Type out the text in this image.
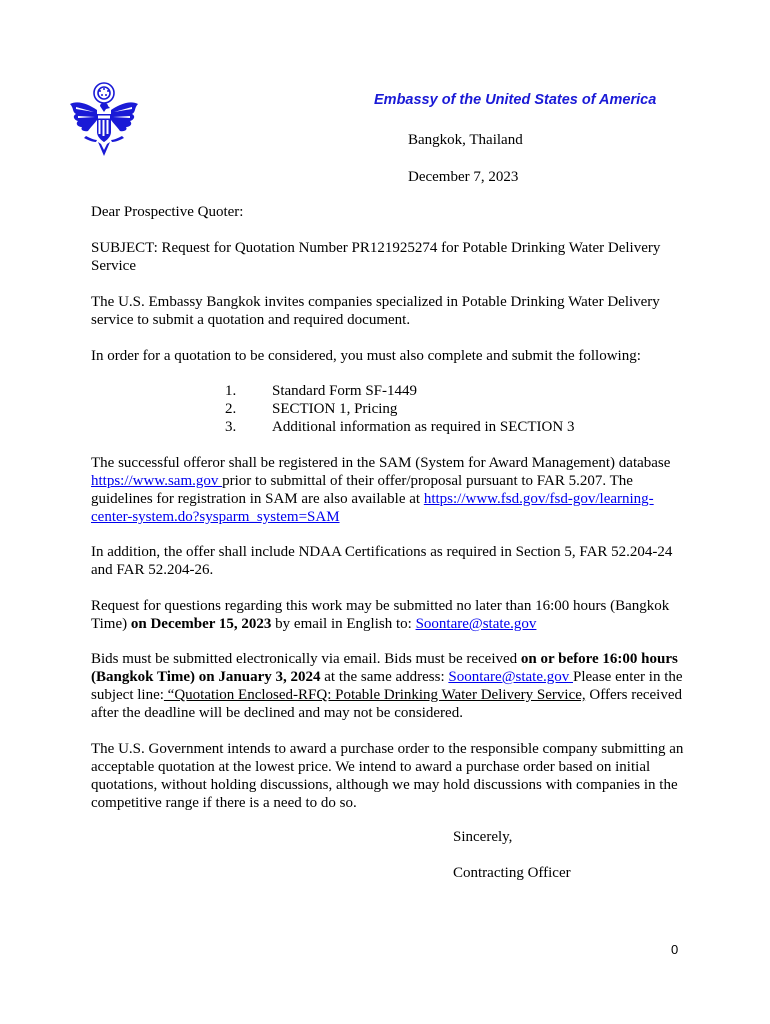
Embassy of the United States of America
Bangkok, Thailand
December 7, 2023

Dear Prospective Quoter:

SUBJECT: Request for Quotation Number PR121925274 for Potable Drinking Water Delivery Service

The U.S. Embassy Bangkok invites companies specialized in Potable Drinking Water Delivery service to submit a quotation and required document.

In order for a quotation to be considered, you must also complete and submit the following:

1.	Standard Form SF-1449
2.	SECTION 1, Pricing
3.	Additional information as required in SECTION 3

The successful offeror shall be registered in the SAM (System for Award Management) database https://www.sam.gov prior to submittal of their offer/proposal pursuant to FAR 5.207. The guidelines for registration in SAM are also available at https://www.fsd.gov/fsd-gov/learning-center-system.do?sysparm_system=SAM

In addition, the offer shall include NDAA Certifications as required in Section 5, FAR 52.204-24 and FAR 52.204-26.

Request for questions regarding this work may be submitted no later than 16:00 hours (Bangkok Time) on December 15, 2023 by email in English to: Soontare@state.gov

Bids must be submitted electronically via email. Bids must be received on or before 16:00 hours (Bangkok Time) on January 3, 2024 at the same address: Soontare@state.gov Please enter in the subject line: “Quotation Enclosed-RFQ: Potable Drinking Water Delivery Service, Offers received after the deadline will be declined and may not be considered.

The U.S. Government intends to award a purchase order to the responsible company submitting an acceptable quotation at the lowest price. We intend to award a purchase order based on initial quotations, without holding discussions, although we may hold discussions with companies in the competitive range if there is a need to do so.

Sincerely,
Contracting Officer
0
